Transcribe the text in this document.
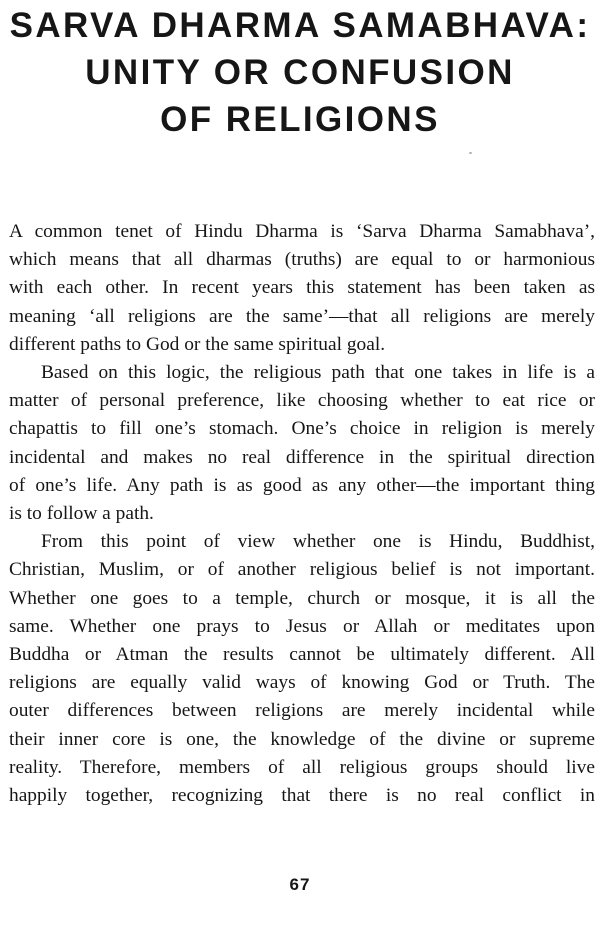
SARVA DHARMA SAMABHAVA:
UNITY OR CONFUSION
OF RELIGIONS

A common tenet of Hindu Dharma is ‘Sarva Dharma Samabhava’,
which means that all dharmas (truths) are equal to or harmonious
with each other. In recent years this statement has been taken as
meaning ‘all religions are the same’—that all religions are merely
different paths to God or the same spiritual goal.

Based on this logic, the religious path that one takes in life is a
matter of personal preference, like choosing whether to eat rice or
chapattis to fill one’s stomach. One’s choice in religion is merely
incidental and makes no real difference in the spiritual direction
of one’s life. Any path is as good as any other—the important thing
is to follow a path.

From this point of view whether one is Hindu, Buddhist,
Christian, Muslim, or of another religious belief is not important.
Whether one goes to a temple, church or mosque, it is all the
same. Whether one prays to Jesus or Allah or meditates upon
Buddha or Atman the results cannot be ultimately different. All
religions are equally valid ways of knowing God or Truth. The
outer differences between religions are merely incidental while
their inner core is one, the knowledge of the divine or supreme
reality. Therefore, members of all religious groups should live
happily together, recognizing that there is no real conflict in

67
